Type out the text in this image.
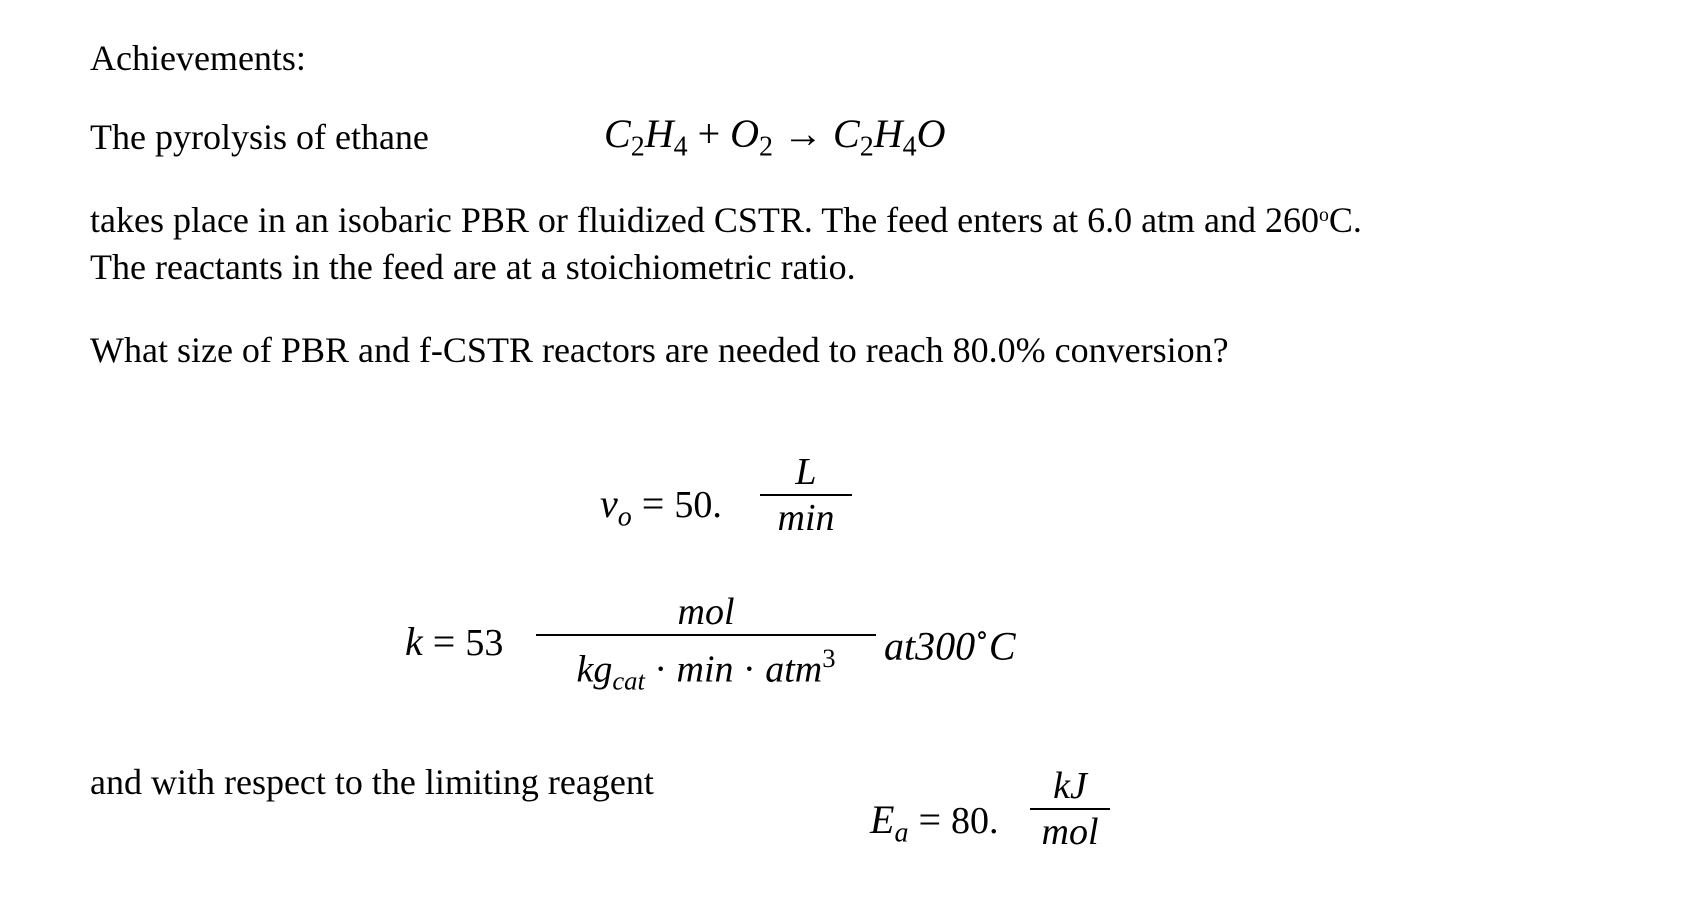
Achievements:
The pyrolysis of ethane	$C_2H_4 + O_2 \to C_2H_4O$
takes place in an isobaric PBR or fluidized CSTR. The feed enters at 6.0 atm and 260$^o$C.
The reactants in the feed are at a stoichiometric ratio.
What size of PBR and f-CSTR reactors are needed to reach 80.0% conversion?
$v_o = 50$.
L
min
k = 53
mol
$kg_{cat} \cdot \min \cdot atm^3$	at300∘C
and with respect to the limiting reagent
$E_a = 80$.
kJ
mol
